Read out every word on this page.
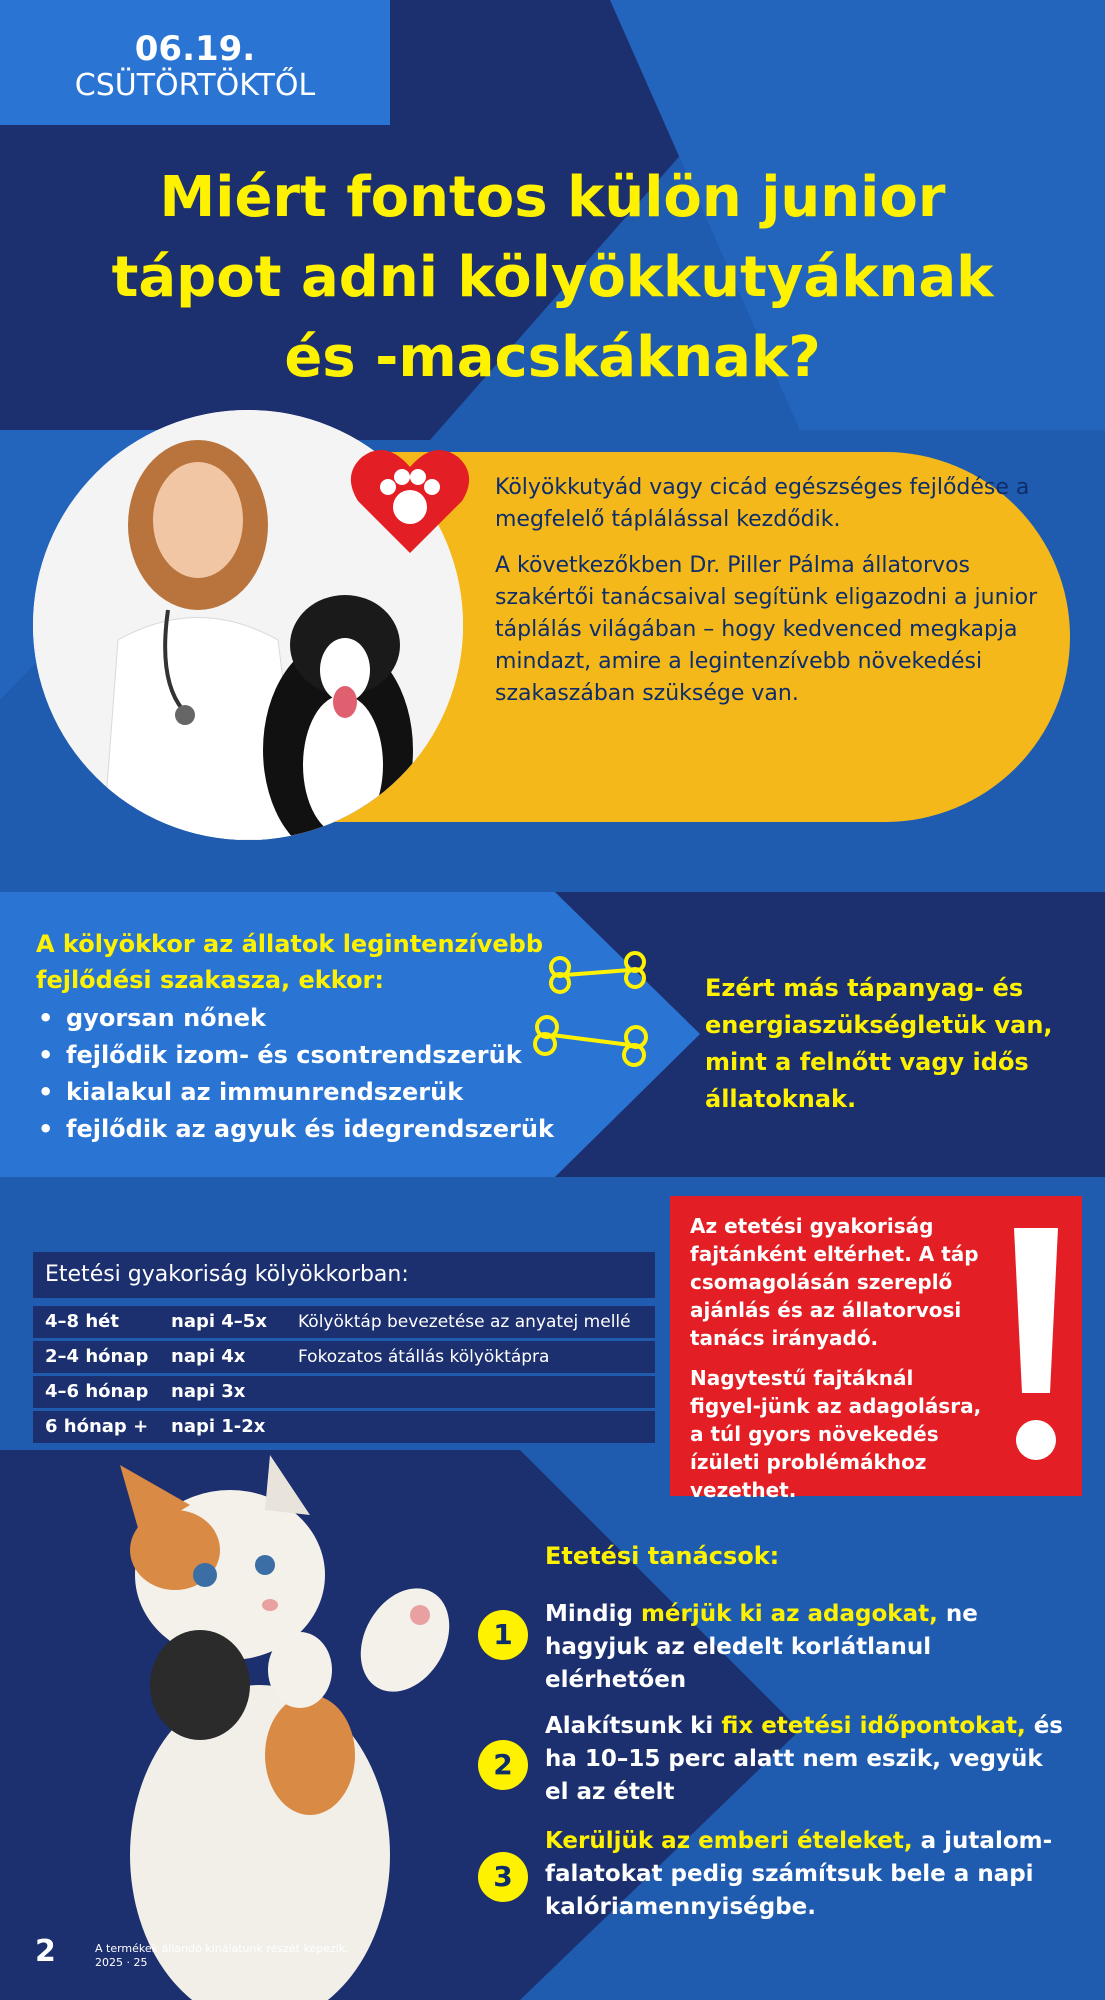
06.19.
CSÜTÖRTÖKTŐL
Miért fontos külön junior
tápot adni kölyökkutyáknak
és -macskáknak?

Kölyökkutyád vagy cicád egészséges fejlődése a megfelelő táplálással kezdődik.

A következőkben Dr. Piller Pálma állatorvos szakértői tanácsaival segítünk eligazodni a junior táplálás világában – hogy kedvenced megkapja mindazt, amire a legintenzívebb növekedési szakaszában szüksége van.

A kölyökkor az állatok legintenzívebb fejlődési szakasza, ekkor:

• gyorsan nőnek
• fejlődik izom- és csontrendszerük
• kialakul az immunrendszerük
• fejlődik az agyuk és idegrendszerük

Ezért más tápanyag- és energiaszükségletük van, mint a felnőtt vagy idős állatoknak.

Etetési gyakoriság kölyökkorban:
4–8 hét	napi 4–5x Kölyöktáp bevezetése az anyatej mellé
2–4 hónap napi 4x	Fokozatos átállás kölyöktápra
4–6 hónap napi 3x
6 hónap + napi 1-2x

Az etetési gyakoriság fajtánként eltérhet. A táp csomagolásán szereplő ajánlás és az állatorvosi tanács irányadó.

Nagytestű fajtáknál figyel-jünk az adagolásra, a túl gyors növekedés ízületi problémákhoz vezethet.

Etetési tanácsok:
1

Mindig mérjük ki az adagokat, ne hagyjuk az eledelt korlátlanul elérhetően

2

Alakítsunk ki fix etetési időpontokat, és ha 10–15 perc alatt nem eszik, vegyük el az ételt

3

Kerüljük az emberi ételeket, a jutalom-falatokat pedig számítsuk bele a napi kalóriamennyiségbe.

2	A termékek állandó kínálatunk részét képezik.
2025 · 25
